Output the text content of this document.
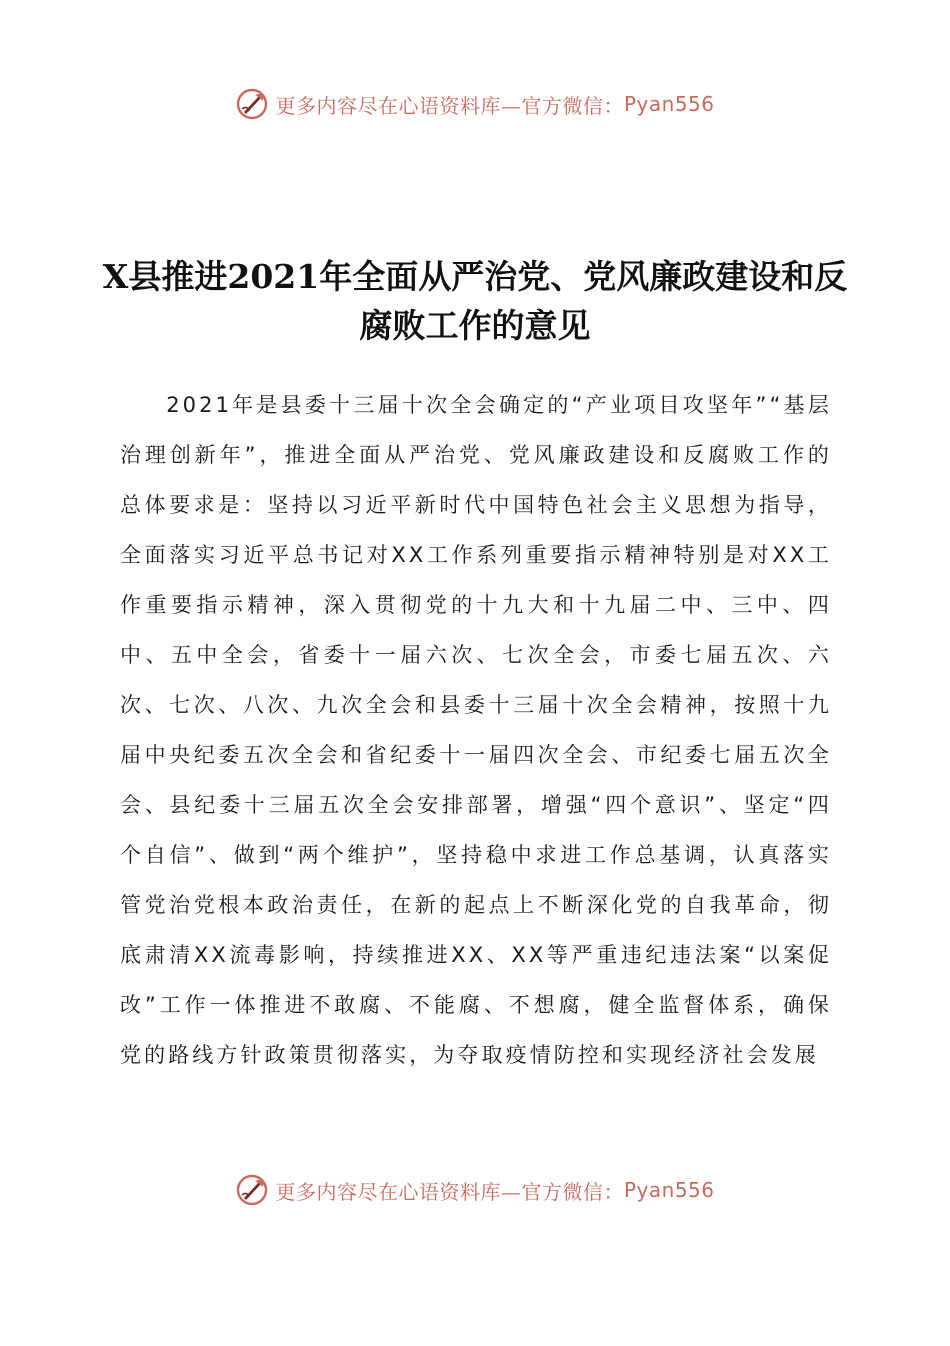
更多内容尽在心语资料库—官方微信： Pyan556
X县推进2021年全面从严治党、党风廉政建设和反腐败工作的意见

2021年是县委十三届十次全会确定的“产业项目攻坚年”“基层治理创新年”，推进全面从严治党、党风廉政建设和反腐败工作的总体要求是：坚持以习近平新时代中国特色社会主义思想为指导，全面落实习近平总书记对XX工作系列重要指示精神特别是对XX工作重要指示精神，深入贯彻党的十九大和十九届二中、三中、四中、五中全会，省委十一届六次、七次全会，市委七届五次、六次、七次、八次、九次全会和县委十三届十次全会精神，按照十九届中央纪委五次全会和省纪委十一届四次全会、市纪委七届五次全会、县纪委十三届五次全会安排部署，增强“四个意识”、坚定“四个自信”、做到“两个维护”，坚持稳中求进工作总基调，认真落实管党治党根本政治责任，在新的起点上不断深化党的自我革命，彻底肃清XX流毒影响，持续推进XX、XX等严重违纪违法案“以案促改”工作一体推进不敢腐、不能腐、不想腐，健全监督体系，确保党的路线方针政策贯彻落实，为夺取疫情防控和实现经济社会发展

更多内容尽在心语资料库—官方微信： Pyan556
